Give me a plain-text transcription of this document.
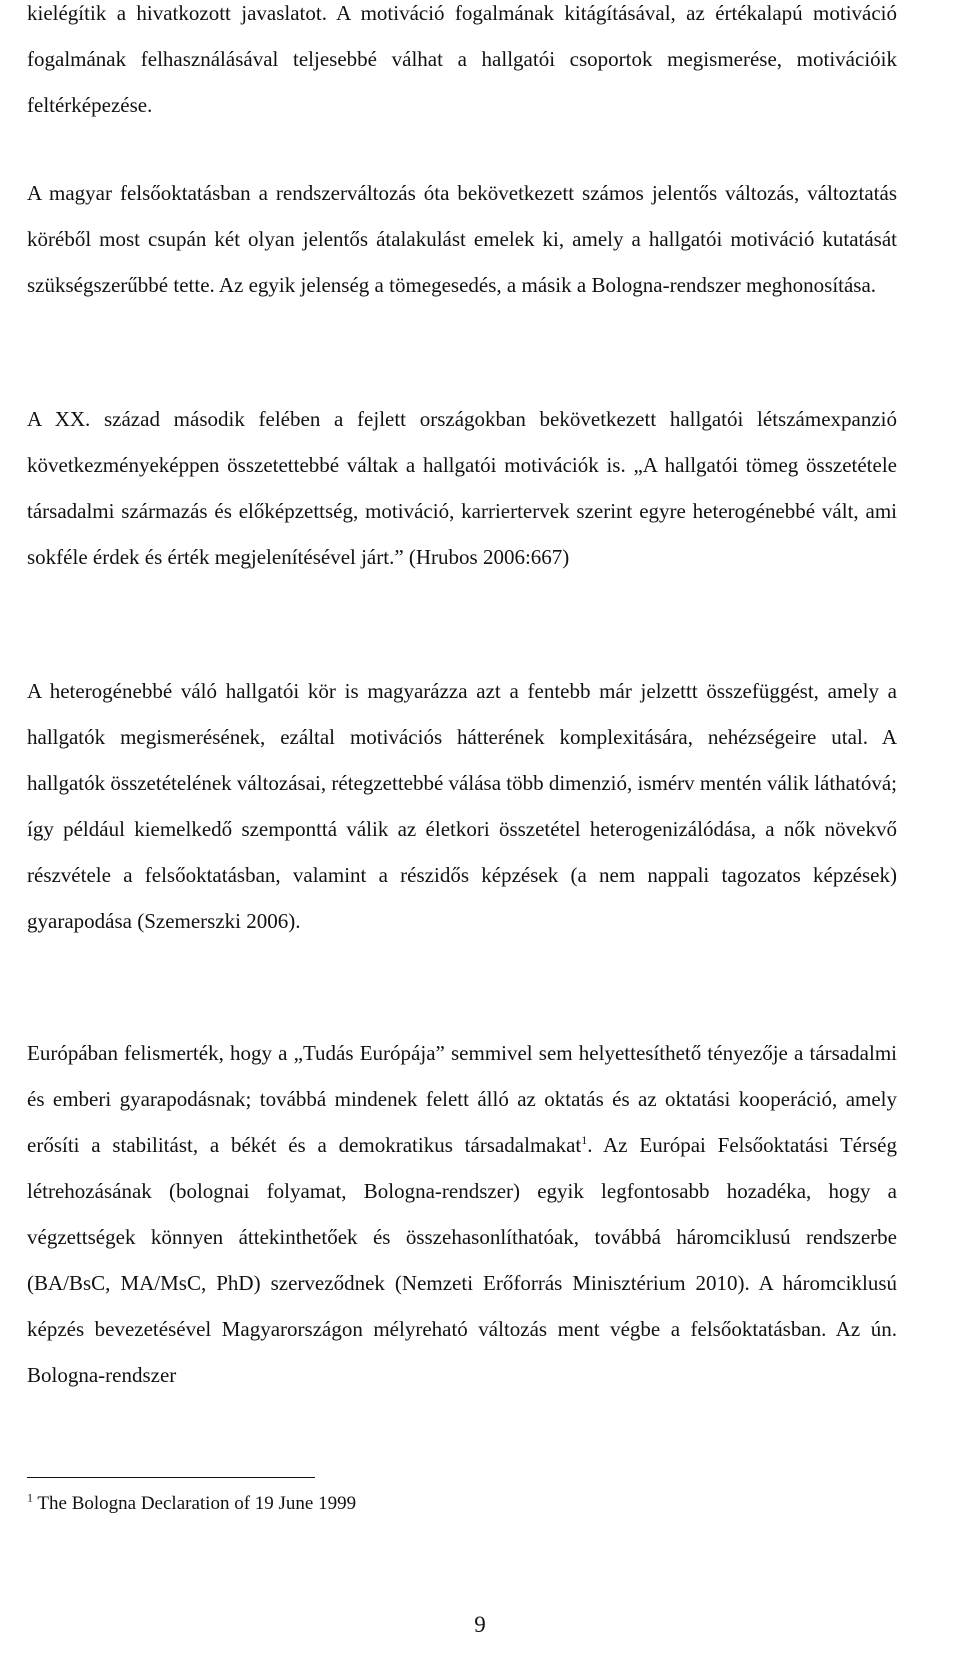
kielégítik a hivatkozott javaslatot. A motiváció fogalmának kitágításával, az értékalapú motiváció fogalmának felhasználásával teljesebbé válhat a hallgatói csoportok megismerése, motivációik feltérképezése.

A magyar felsőoktatásban a rendszerváltozás óta bekövetkezett számos jelentős változás, változtatás köréből most csupán két olyan jelentős átalakulást emelek ki, amely a hallgatói motiváció kutatását szükségszerűbbé tette. Az egyik jelenség a tömegesedés, a másik a Bologna-rendszer meghonosítása.

A XX. század második felében a fejlett országokban bekövetkezett hallgatói létszámexpanzió következményeképpen összetettebbé váltak a hallgatói motivációk is. „A hallgatói tömeg összetétele társadalmi származás és előképzettség, motiváció, karriertervek szerint egyre heterogénebbé vált, ami sokféle érdek és érték megjelenítésével járt.” (Hrubos 2006:667)

A heterogénebbé váló hallgatói kör is magyarázza azt a fentebb már jelzettt összefüggést, amely a hallgatók megismerésének, ezáltal motivációs hátterének komplexitására, nehézségeire utal. A hallgatók összetételének változásai, rétegzettebbé válása több dimenzió, ismérv mentén válik láthatóvá; így például kiemelkedő szemponttá válik az életkori összetétel heterogenizálódása, a nők növekvő részvétele a felsőoktatásban, valamint a részidős képzések (a nem nappali tagozatos képzések) gyarapodása (Szemerszki 2006).

Európában felismerték, hogy a „Tudás Európája” semmivel sem helyettesíthető tényezője a társadalmi és emberi gyarapodásnak; továbbá mindenek felett álló az oktatás és az oktatási kooperáció, amely erősíti a stabilitást, a békét és a demokratikus társadalmakat$^1$. Az Európai Felsőoktatási Térség létrehozásának (bolognai folyamat, Bologna-rendszer) egyik legfontosabb hozadéka, hogy a végzettségek könnyen áttekinthetőek és összehasonlíthatóak, továbbá háromciklusú rendszerbe (BA/BsC, MA/MsC, PhD) szerveződnek (Nemzeti Erőforrás Minisztérium 2010). A háromciklusú képzés bevezetésével Magyarországon mélyreható változás ment végbe a felsőoktatásban. Az ún. Bologna-rendszer

$^1$ The Bologna Declaration of 19 June 1999
9
